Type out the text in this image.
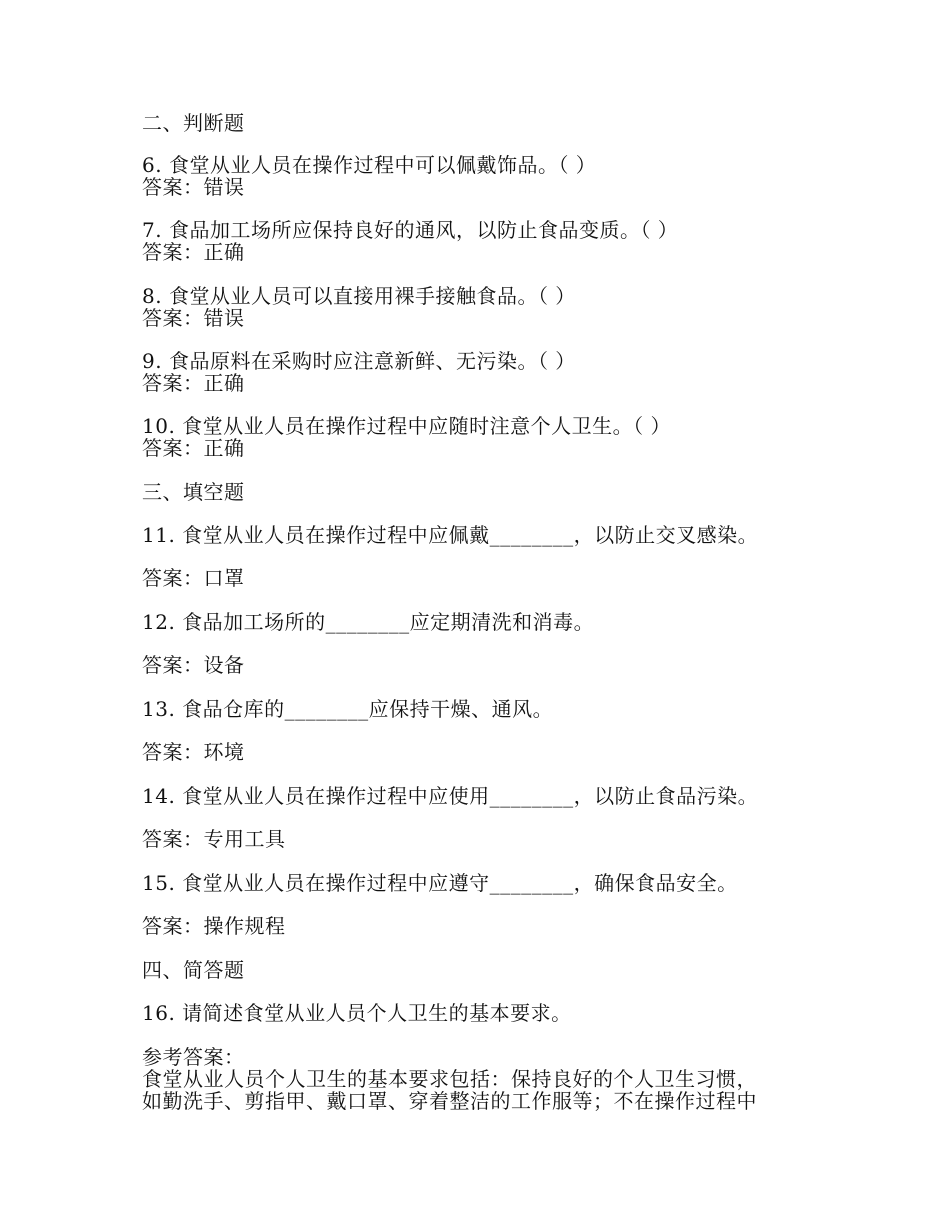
二、判断题
6. 食堂从业人员在操作过程中可以佩戴饰品。（ ）
答案：错误
7. 食品加工场所应保持良好的通风，以防止食品变质。（ ）
答案：正确
8. 食堂从业人员可以直接用裸手接触食品。（ ）
答案：错误
9. 食品原料在采购时应注意新鲜、无污染。（ ）
答案：正确
10. 食堂从业人员在操作过程中应随时注意个人卫生。（ ）
答案：正确
三、填空题
11. 食堂从业人员在操作过程中应佩戴________，以防止交叉感染。
答案：口罩
12. 食品加工场所的________应定期清洗和消毒。
答案：设备
13. 食品仓库的________应保持干燥、通风。
答案：环境
14. 食堂从业人员在操作过程中应使用________，以防止食品污染。
答案：专用工具
15. 食堂从业人员在操作过程中应遵守________，确保食品安全。
答案：操作规程
四、简答题
16. 请简述食堂从业人员个人卫生的基本要求。
参考答案：
食堂从业人员个人卫生的基本要求包括：保持良好的个人卫生习惯，
如勤洗手、剪指甲、戴口罩、穿着整洁的工作服等；不在操作过程中
